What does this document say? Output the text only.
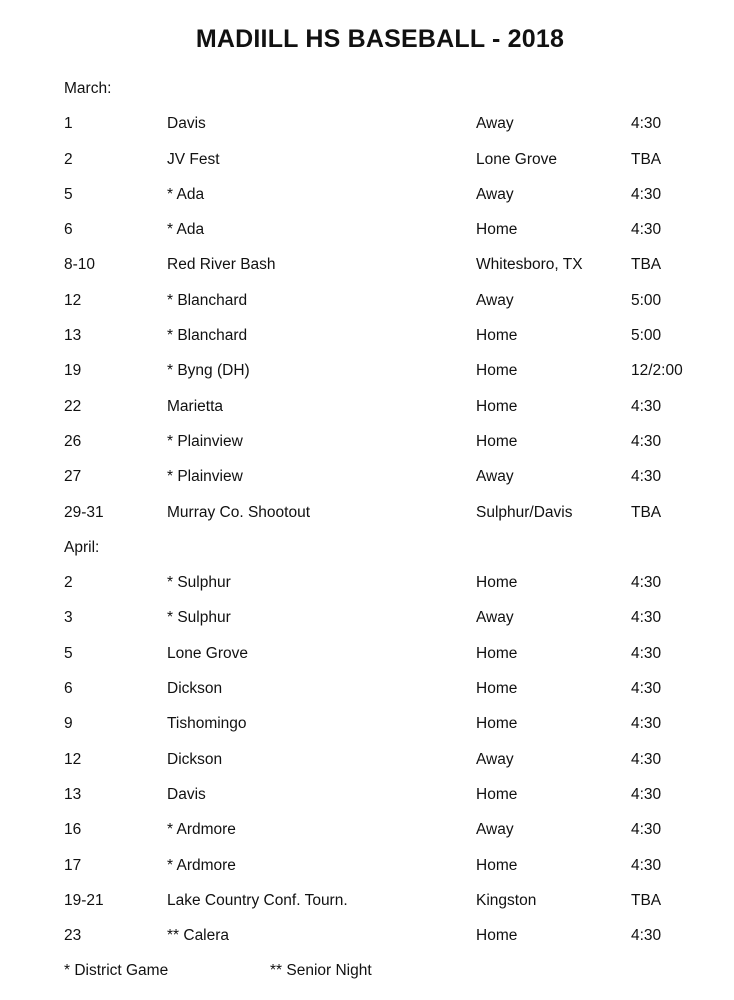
MADIILL HS BASEBALL - 2018
March:
1	Davis	Away	4:30
2	JV Fest	Lone Grove	TBA
5	* Ada	Away	4:30
6	* Ada	Home	4:30
8-10	Red River Bash	Whitesboro, TX	TBA
12	* Blanchard	Away	5:00
13	* Blanchard	Home	5:00
19	* Byng (DH)	Home	12/2:00
22	Marietta	Home	4:30
26	* Plainview	Home	4:30
27	* Plainview	Away	4:30
29-31	Murray Co. Shootout	Sulphur/Davis	TBA
April:
2	* Sulphur	Home	4:30
3	* Sulphur	Away	4:30
5	Lone Grove	Home	4:30
6	Dickson	Home	4:30
9	Tishomingo	Home	4:30
12	Dickson	Away	4:30
13	Davis	Home	4:30
16	* Ardmore	Away	4:30
17	* Ardmore	Home	4:30
19-21	Lake Country Conf. Tourn.	Kingston	TBA
23	** Calera	Home	4:30
* District Game	** Senior Night
